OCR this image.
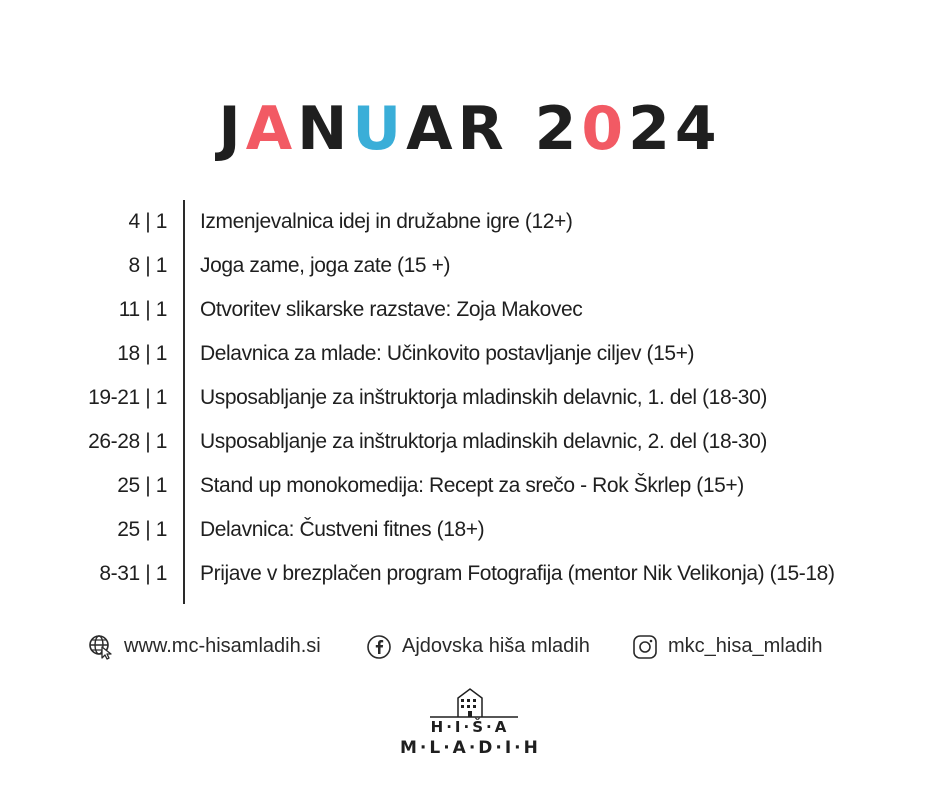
JANUAR 2024
4 | 1 Izmenjevalnica idej in družabne igre (12+)
8 | 1 Joga zame, joga zate (15 +)
11 | 1 Otvoritev slikarske razstave: Zoja Makovec
18 | 1 Delavnica za mlade: Učinkovito postavljanje ciljev (15+)
19-21 | 1 Usposabljanje za inštruktorja mladinskih delavnic, 1. del (18-30)
26-28 | 1 Usposabljanje za inštruktorja mladinskih delavnic, 2. del (18-30)
25 | 1 Stand up monokomedija: Recept za srečo - Rok Škrlep (15+)
25 | 1 Delavnica: Čustveni fitnes (18+)
8-31 | 1 Prijave v brezplačen program Fotografija (mentor Nik Velikonja) (15-18)
www.mc-hisamladih.si	Ajdovska hiša mladih	mkc_hisa_mladih
H·I·Š·A
M·L·A·D·I·H
